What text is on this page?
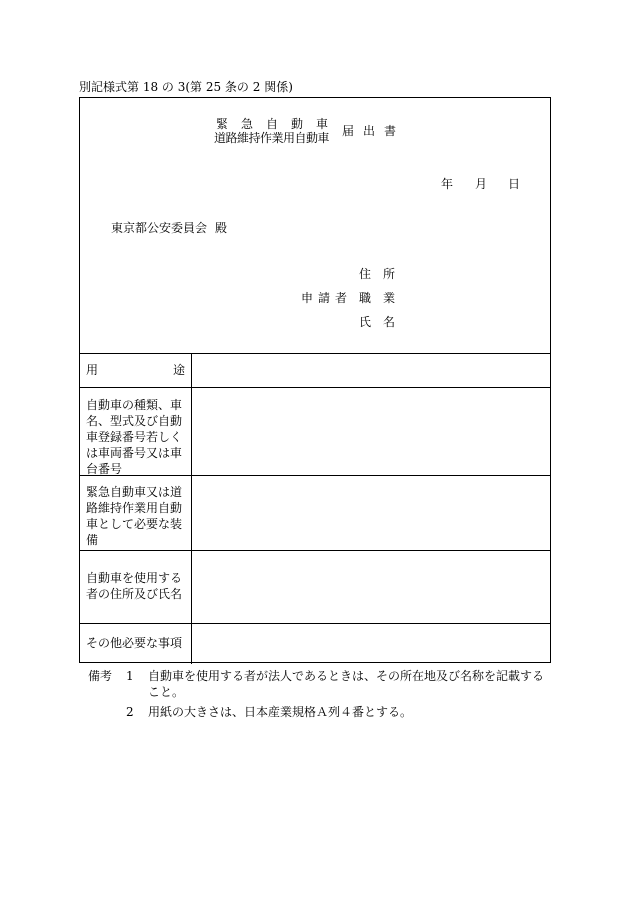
別記様式第 18 の 3(第 25 条の 2 関係)
緊急自動車
道路維持作業用自動車 届出書
年 月 日
東京都公安委員会 殿
申請者
住所
職業
氏名
用	途
自動車の種類、車名、型式及び自動車登録番号若しくは車両番号又は車台番号
緊急自動車又は道路維持作業用自動車として必要な装備
自動車を使用する者の住所及び氏名
その他必要な事項
備考 1 自動車を使用する者が法人であるときは、その所在地及び名称を記載すること。
2 用紙の大きさは、日本産業規格Ａ列４番とする。
